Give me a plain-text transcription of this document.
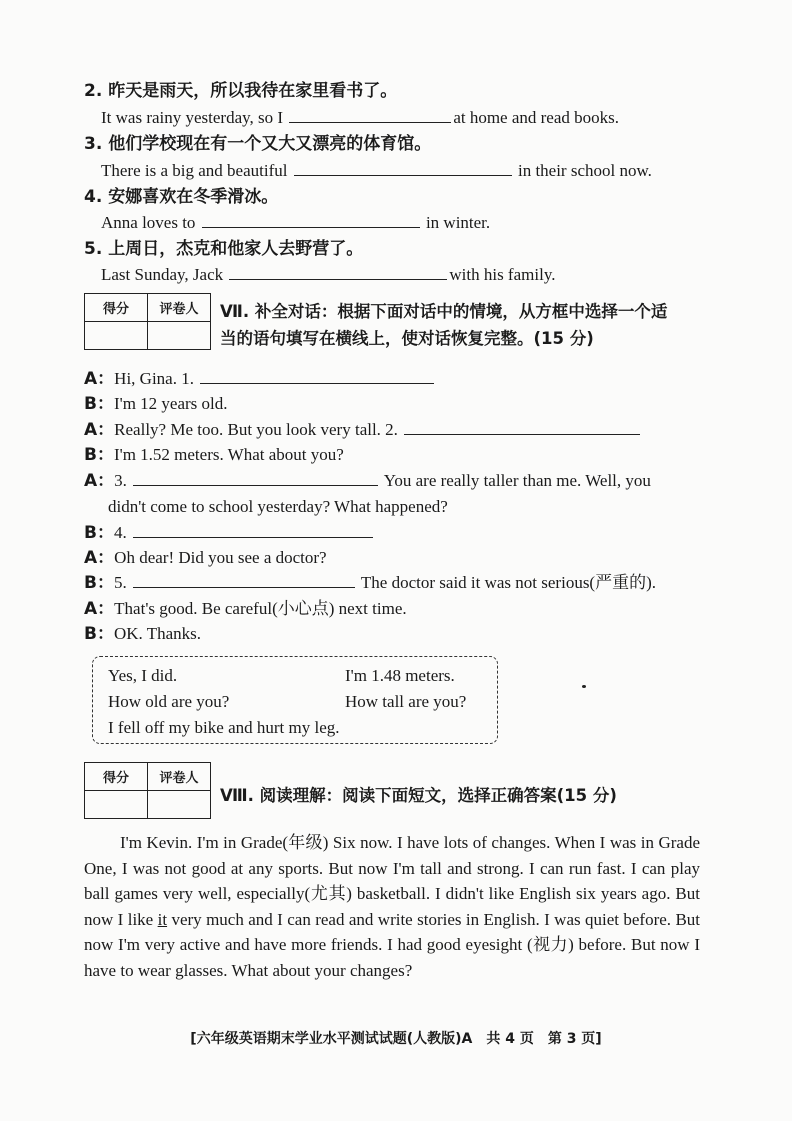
2. 昨天是雨天，所以我待在家里看书了。
It was rainy yesterday, so I	at home and read books.
3. 他们学校现在有一个又大又漂亮的体育馆。
There is a big and beautiful	in their school now.
4. 安娜喜欢在冬季滑冰。
Anna loves to	in winter.
5. 上周日，杰克和他家人去野营了。
Last Sunday, Jack	with his family.
得分	评卷人
	Ⅶ. 补全对话：根据下面对话中的情境，从方框中选择一个适
当的语句填写在横线上，使对话恢复完整。(15 分)
A：Hi, Gina. 1.
B：I'm 12 years old.
A：Really? Me too. But you look very tall. 2.
B：I'm 1.52 meters. What about you?
A：3.	You are really taller than me. Well, you
didn't come to school yesterday? What happened?
B：4.
A：Oh dear! Did you see a doctor?
B：5.	The doctor said it was not serious(严重的).
A：That's good. Be careful(小心点) next time.
B：OK. Thanks.
Yes, I did.	I'm 1.48 meters.
How old are you?	How tall are you?
I fell off my bike and hurt my leg.
得分	评卷人

Ⅷ. 阅读理解：阅读下面短文，选择正确答案(15 分)

I'm Kevin. I'm in Grade(年级) Six now. I have lots of changes. When I was in Grade One, I was not good at any sports. But now I'm tall and strong. I can run fast. I can play ball games very well, especially(尤其) basketball. I didn't like English six years ago. But now I like it very much and I can read and write stories in English. I was quiet before. But now I'm very active and have more friends. I had good eyesight (视力) before. But now I have to wear glasses. What about your changes?

[六年级英语期末学业水平测试试题(人教版)A　共 4 页　第 3 页]
